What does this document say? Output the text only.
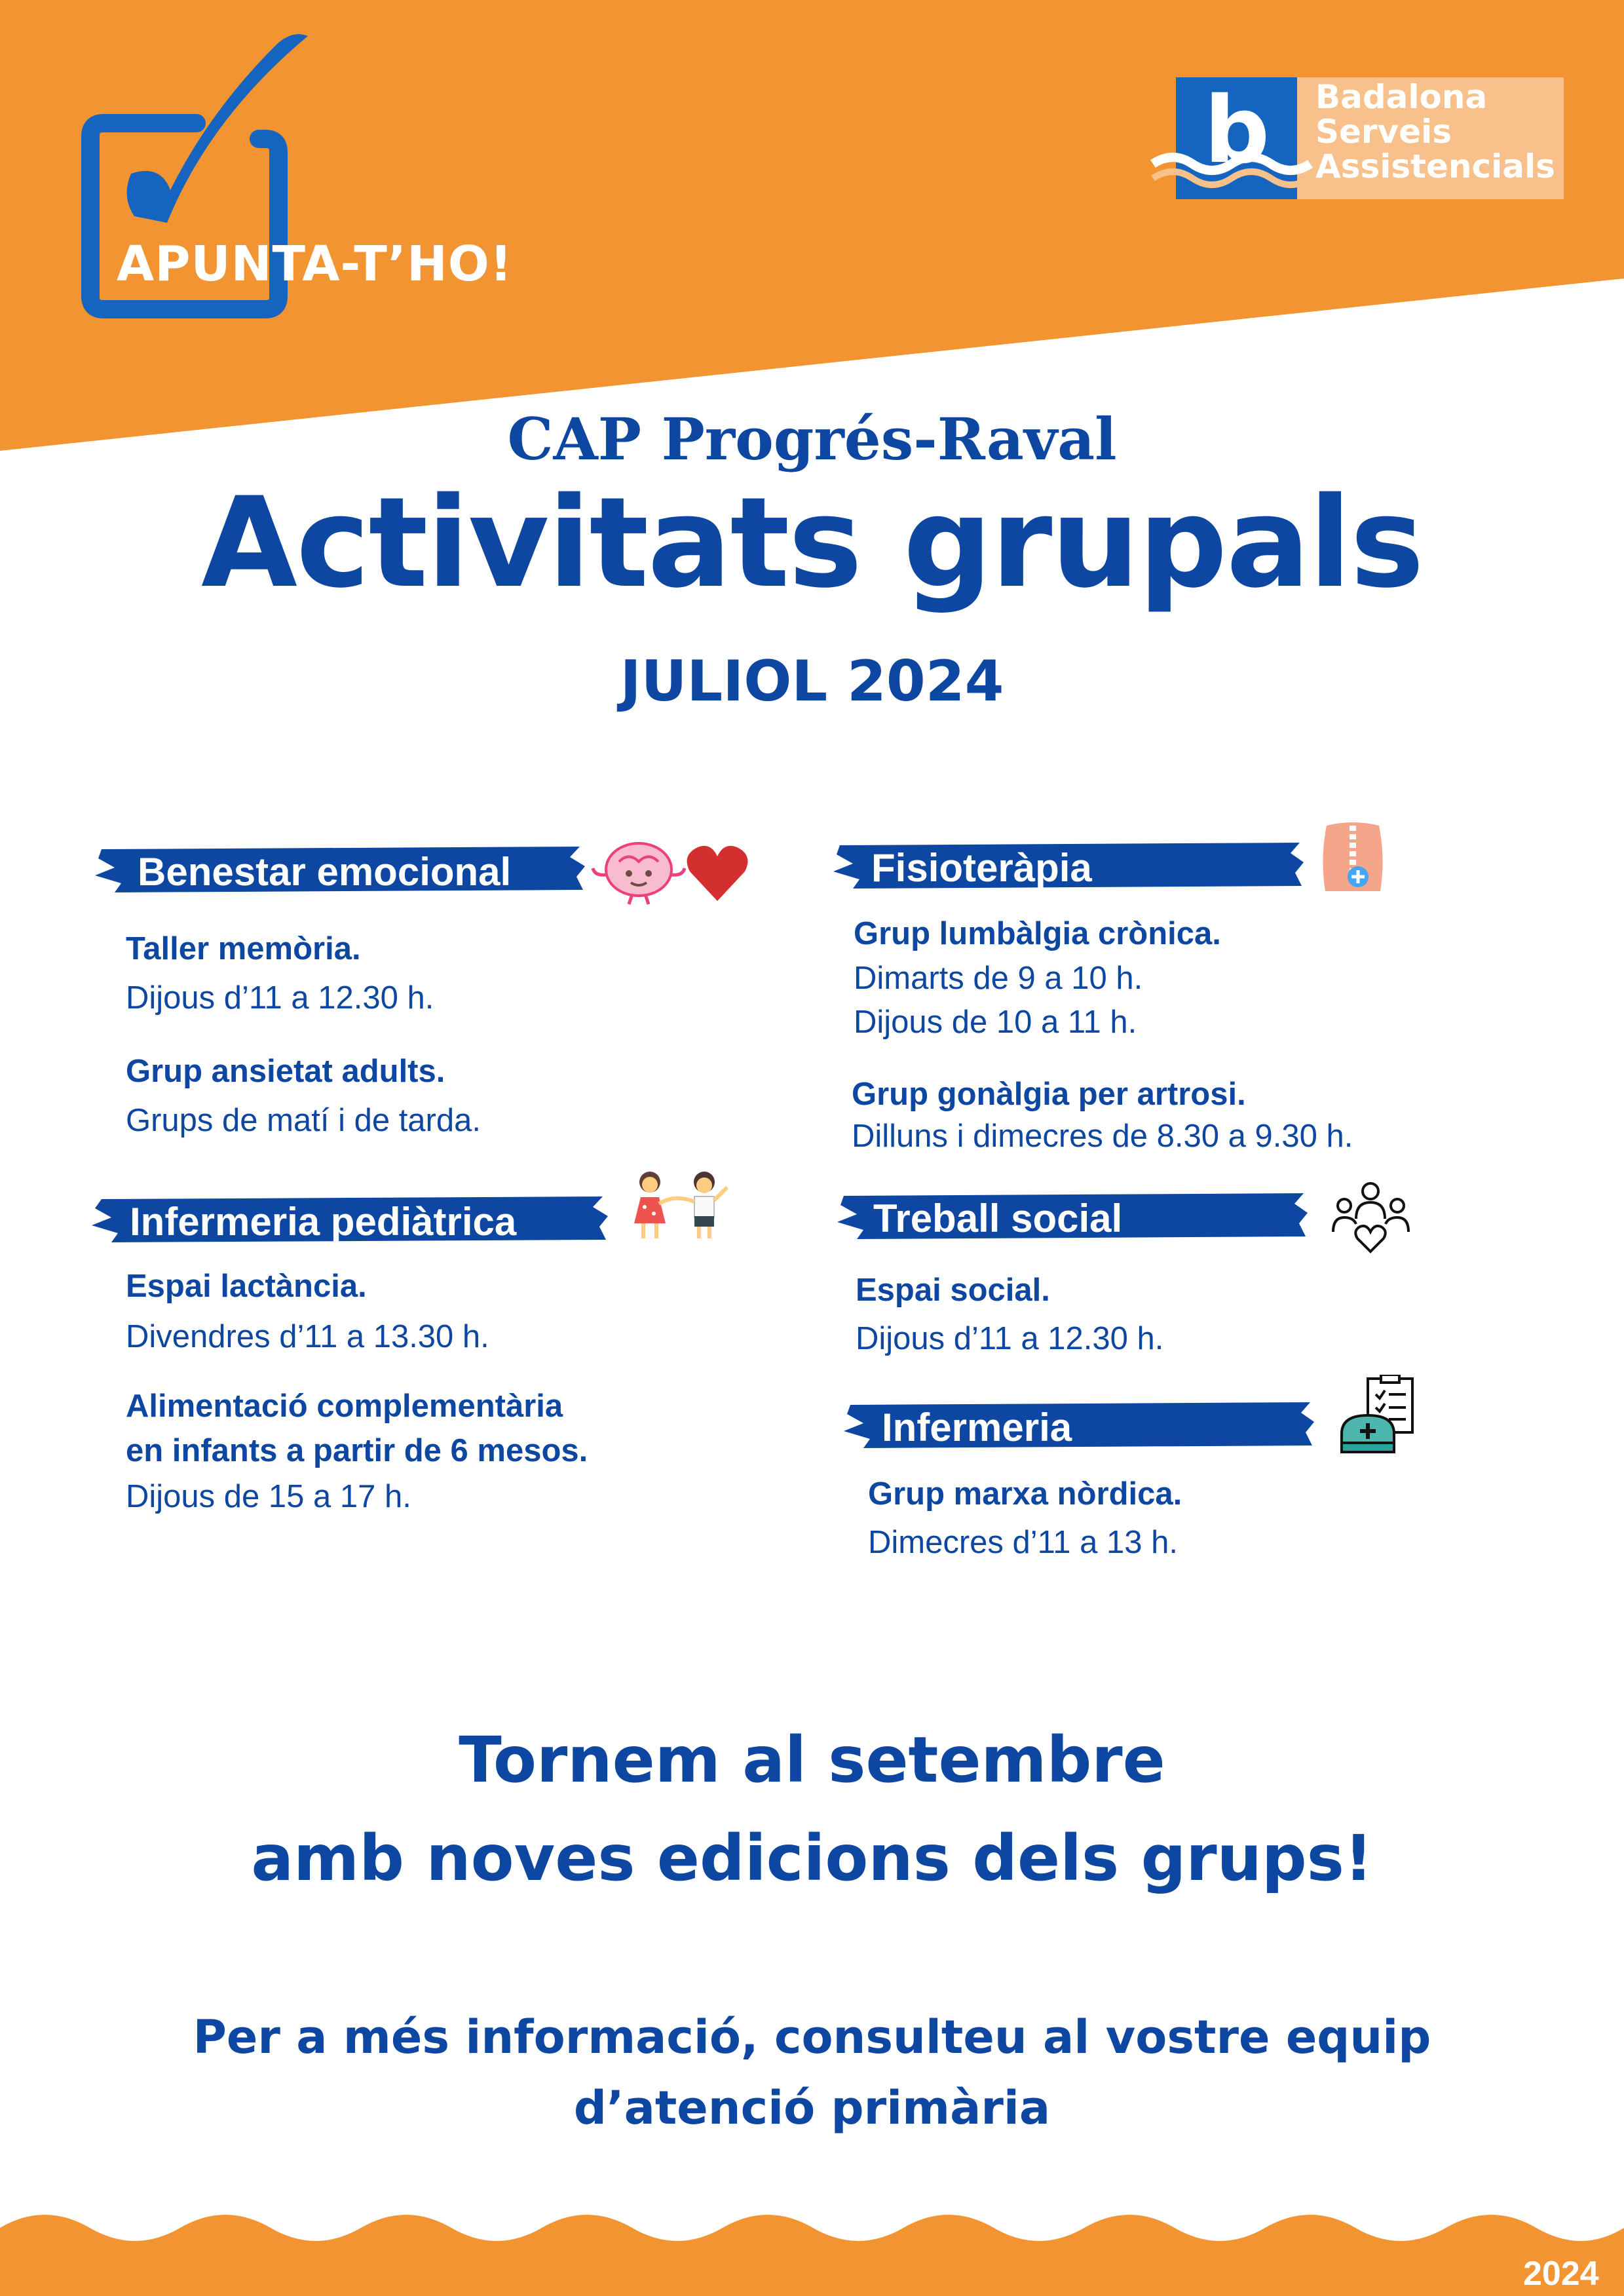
APUNTA-T’HO!
b Badalona
Serveis
Assistencials
CAP Progrés-Raval
Activitats grupals
JULIOL 2024
Benestar emocional
Taller memòria.
Dijous d’11 a 12.30 h.
Grup ansietat adults.
Grups de matí i de tarda.
Infermeria pediàtrica
Espai lactància.
Divendres d’11 a 13.30 h.
Alimentació complementària
en infants a partir de 6 mesos.
Dijous de 15 a 17 h.
Fisioteràpia
Grup lumbàlgia crònica.
Dimarts de 9 a 10 h.
Dijous de 10 a 11 h.
Grup gonàlgia per artrosi.
Dilluns i dimecres de 8.30 a 9.30 h.
Treball social
Espai social.
Dijous d’11 a 12.30 h.
Infermeria
Grup marxa nòrdica.
Dimecres d’11 a 13 h.
Tornem al setembre
amb noves edicions dels grups!
Per a més informació, consulteu al vostre equip
d’atenció primària
2024
